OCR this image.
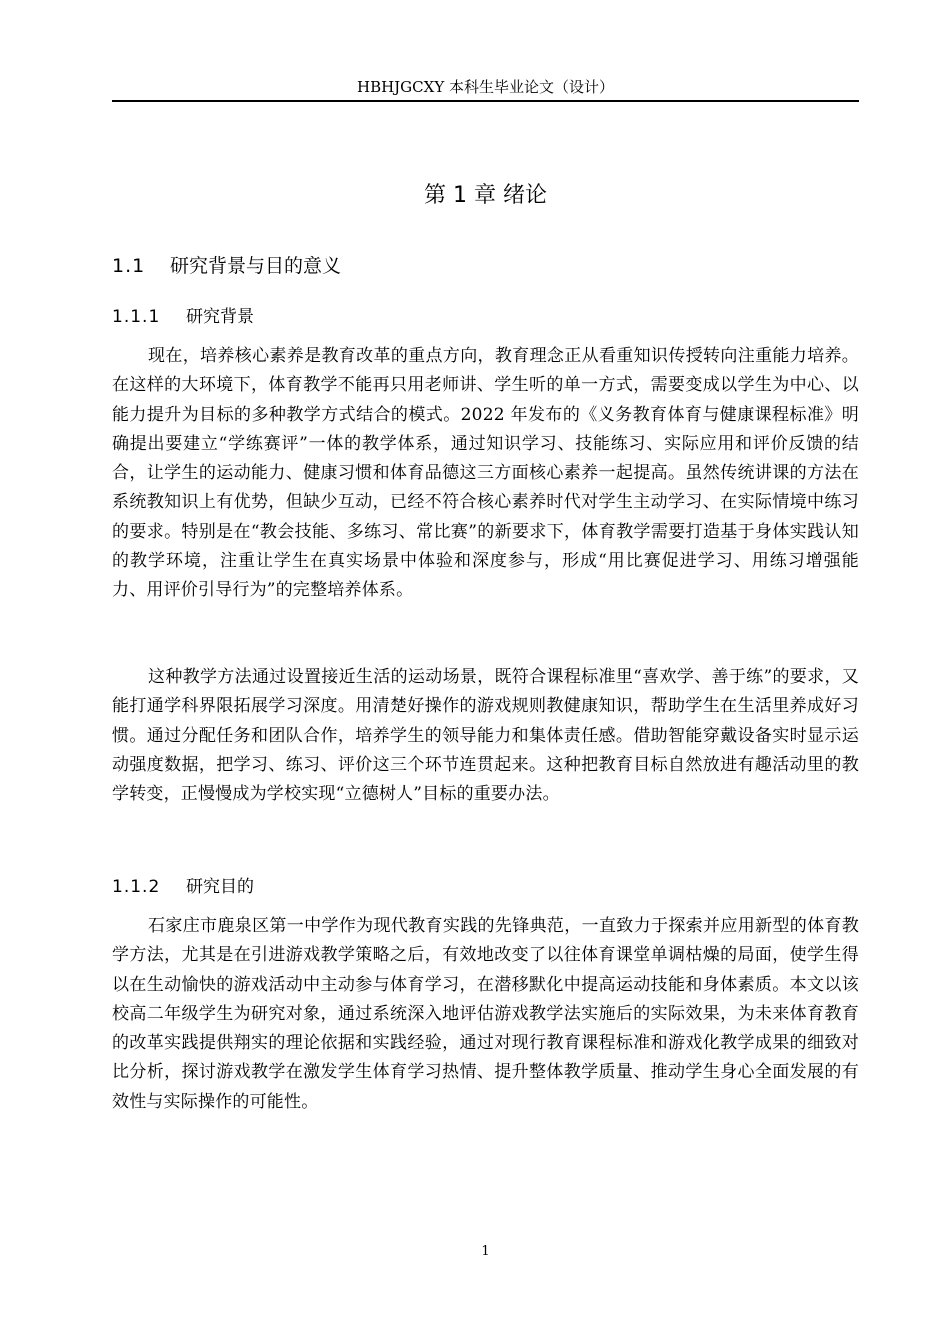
HBHJGCXY 本科生毕业论文（设计）
第 1 章 绪论
1.1 研究背景与目的意义
1.1.1 研究背景

现在，培养核心素养是教育改革的重点方向，教育理念正从看重知识传授转向注重能力培养。在这样的大环境下，体育教学不能再只用老师讲、学生听的单一方式，需要变成以学生为中心、以能力提升为目标的多种教学方式结合的模式。2022 年发布的《义务教育体育与健康课程标准》明确提出要建立“学练赛评”一体的教学体系，通过知识学习、技能练习、实际应用和评价反馈的结合，让学生的运动能力、健康习惯和体育品德这三方面核心素养一起提高。虽然传统讲课的方法在系统教知识上有优势，但缺少互动，已经不符合核心素养时代对学生主动学习、在实际情境中练习的要求。特别是在“教会技能、多练习、常比赛”的新要求下，体育教学需要打造基于身体实践认知的教学环境，注重让学生在真实场景中体验和深度参与，形成“用比赛促进学习、用练习增强能力、用评价引导行为”的完整培养体系。

这种教学方法通过设置接近生活的运动场景，既符合课程标准里“喜欢学、善于练”的要求，又能打通学科界限拓展学习深度。用清楚好操作的游戏规则教健康知识，帮助学生在生活里养成好习惯。通过分配任务和团队合作，培养学生的领导能力和集体责任感。借助智能穿戴设备实时显示运动强度数据，把学习、练习、评价这三个环节连贯起来。这种把教育目标自然放进有趣活动里的教学转变，正慢慢成为学校实现“立德树人”目标的重要办法。

1.1.2 研究目的

石家庄市鹿泉区第一中学作为现代教育实践的先锋典范，一直致力于探索并应用新型的体育教学方法，尤其是在引进游戏教学策略之后，有效地改变了以往体育课堂单调枯燥的局面，使学生得以在生动愉快的游戏活动中主动参与体育学习，在潜移默化中提高运动技能和身体素质。本文以该校高二年级学生为研究对象，通过系统深入地评估游戏教学法实施后的实际效果，为未来体育教育的改革实践提供翔实的理论依据和实践经验，通过对现行教育课程标准和游戏化教学成果的细致对比分析，探讨游戏教学在激发学生体育学习热情、提升整体教学质量、推动学生身心全面发展的有效性与实际操作的可能性。

1
